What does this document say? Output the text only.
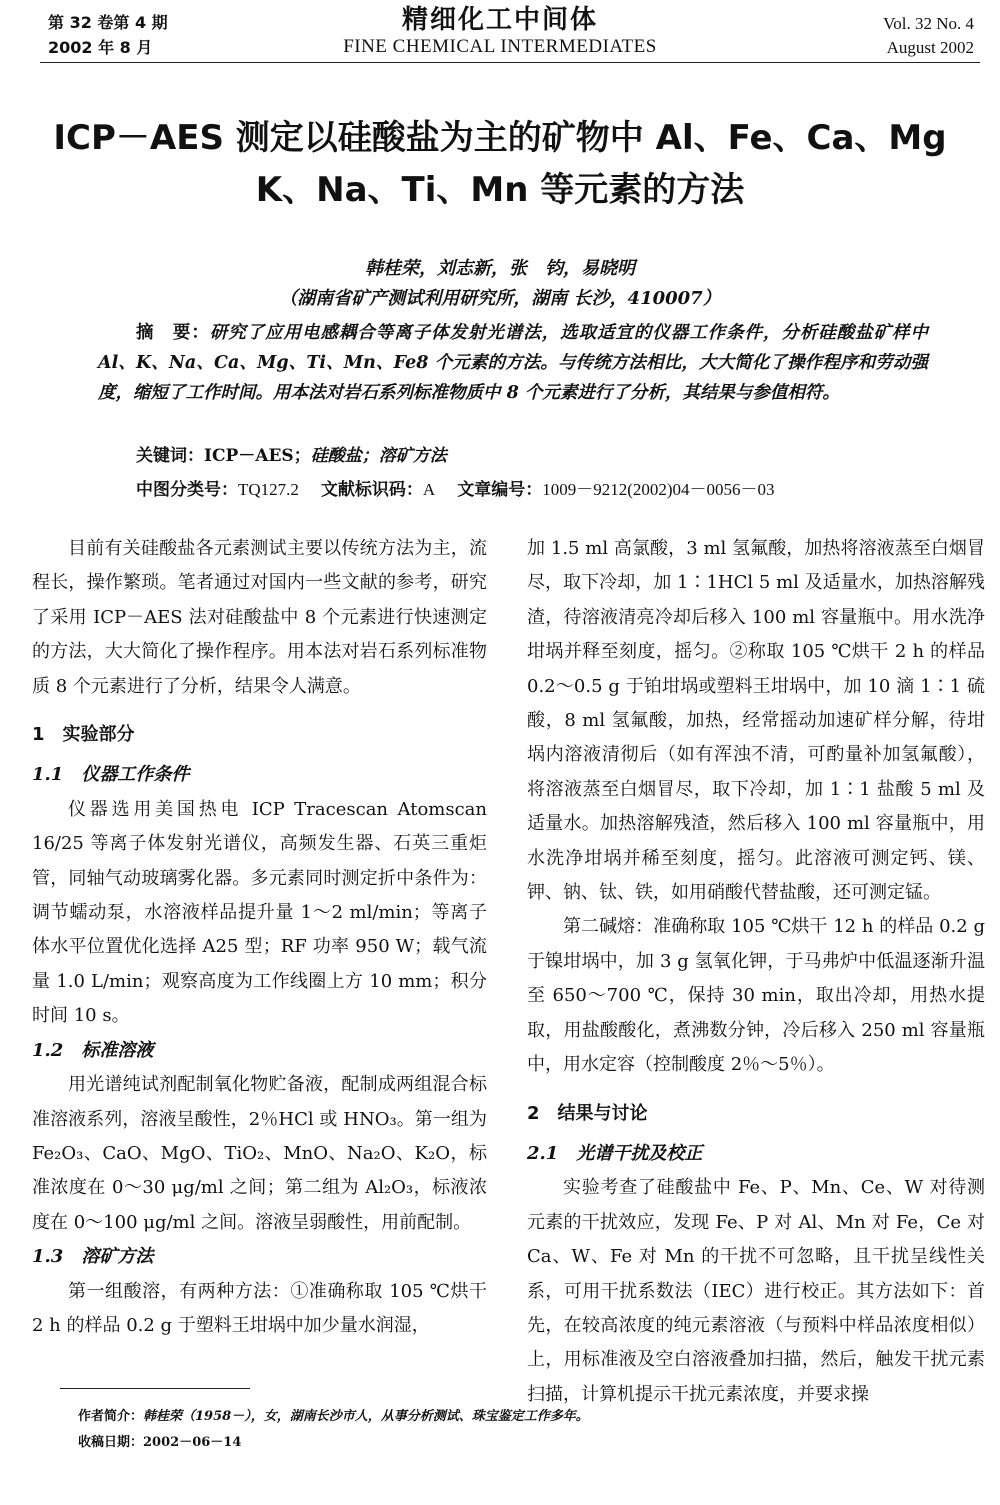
第 32 卷第 4 期
2002 年 8 月
精细化工中间体
FINE CHEMICAL INTERMEDIATES
Vol. 32 No. 4
August 2002
ICP－AES 测定以硅酸盐为主的矿物中 Al、Fe、Ca、Mg
K、Na、Ti、Mn 等元素的方法
韩桂荣，刘志新，张　钧，易晓明
（湖南省矿产测试利用研究所，湖南 长沙，410007）
摘　要：研究了应用电感耦合等离子体发射光谱法，选取适宜的仪器工作条件，分析硅酸盐矿样中 Al、K、Na、Ca、Mg、Ti、Mn、Fe8 个元素的方法。与传统方法相比，大大简化了操作程序和劳动强度，缩短了工作时间。用本法对岩石系列标准物质中 8 个元素进行了分析，其结果与参值相符。
关键词：ICP－AES；硅酸盐；溶矿方法
中图分类号：TQ127.2 文献标识码：A 文章编号：1009－9212(2002)04－0056－03

目前有关硅酸盐各元素测试主要以传统方法为主，流程长，操作繁琐。笔者通过对国内一些文献的参考，研究了采用 ICP－AES 法对硅酸盐中 8 个元素进行快速测定的方法，大大简化了操作程序。用本法对岩石系列标准物质 8 个元素进行了分析，结果令人满意。

1　实验部分

1.1　仪器工作条件

仪器选用美国热电 ICP Tracescan Atomscan 16/25 等离子体发射光谱仪，高频发生器、石英三重炬管，同轴气动玻璃雾化器。多元素同时测定折中条件为：调节蠕动泵，水溶液样品提升量 1～2 ml/min；等离子体水平位置优化选择 A25 型；RF 功率 950 W；载气流量 1.0 L/min；观察高度为工作线圈上方 10 mm；积分时间 10 s。

1.2　标准溶液

用光谱纯试剂配制氧化物贮备液，配制成两组混合标准溶液系列，溶液呈酸性，2％HCl 或 HNO₃。第一组为 Fe₂O₃、CaO、MgO、TiO₂、MnO、Na₂O、K₂O，标准浓度在 0～30 μg/ml 之间；第二组为 Al₂O₃，标液浓度在 0～100 μg/ml 之间。溶液呈弱酸性，用前配制。

1.3　溶矿方法

第一组酸溶，有两种方法：①准确称取 105 ℃烘干 2 h 的样品 0.2 g 于塑料王坩埚中加少量水润湿，

加 1.5 ml 高氯酸，3 ml 氢氟酸，加热将溶液蒸至白烟冒尽，取下冷却，加 1∶1HCl 5 ml 及适量水，加热溶解残渣，待溶液清亮冷却后移入 100 ml 容量瓶中。用水洗净坩埚并释至刻度，摇匀。②称取 105 ℃烘干 2 h 的样品 0.2～0.5 g 于铂坩埚或塑料王坩埚中，加 10 滴 1∶1 硫酸，8 ml 氢氟酸，加热，经常摇动加速矿样分解，待坩埚内溶液清彻后（如有浑浊不清，可酌量补加氢氟酸），将溶液蒸至白烟冒尽，取下冷却，加 1∶1 盐酸 5 ml 及适量水。加热溶解残渣，然后移入 100 ml 容量瓶中，用水洗净坩埚并稀至刻度，摇匀。此溶液可测定钙、镁、钾、钠、钛、铁，如用硝酸代替盐酸，还可测定锰。

第二碱熔：准确称取 105 ℃烘干 12 h 的样品 0.2 g 于镍坩埚中，加 3 g 氢氧化钾，于马弗炉中低温逐渐升温至 650～700 ℃，保持 30 min，取出冷却，用热水提取，用盐酸酸化，煮沸数分钟，冷后移入 250 ml 容量瓶中，用水定容（控制酸度 2％～5％）。

2　结果与讨论

2.1　光谱干扰及校正

实验考查了硅酸盐中 Fe、P、Mn、Ce、W 对待测元素的干扰效应，发现 Fe、P 对 Al、Mn 对 Fe，Ce 对 Ca、W、Fe 对 Mn 的干扰不可忽略，且干扰呈线性关系，可用干扰系数法（IEC）进行校正。其方法如下：首先，在较高浓度的纯元素溶液（与预料中样品浓度相似）上，用标准液及空白溶液叠加扫描，然后，触发干扰元素扫描，计算机提示干扰元素浓度，并要求操

作者简介：韩桂荣（1958－），女，湖南长沙市人，从事分析测试、珠宝鉴定工作多年。
收稿日期：2002－06－14
